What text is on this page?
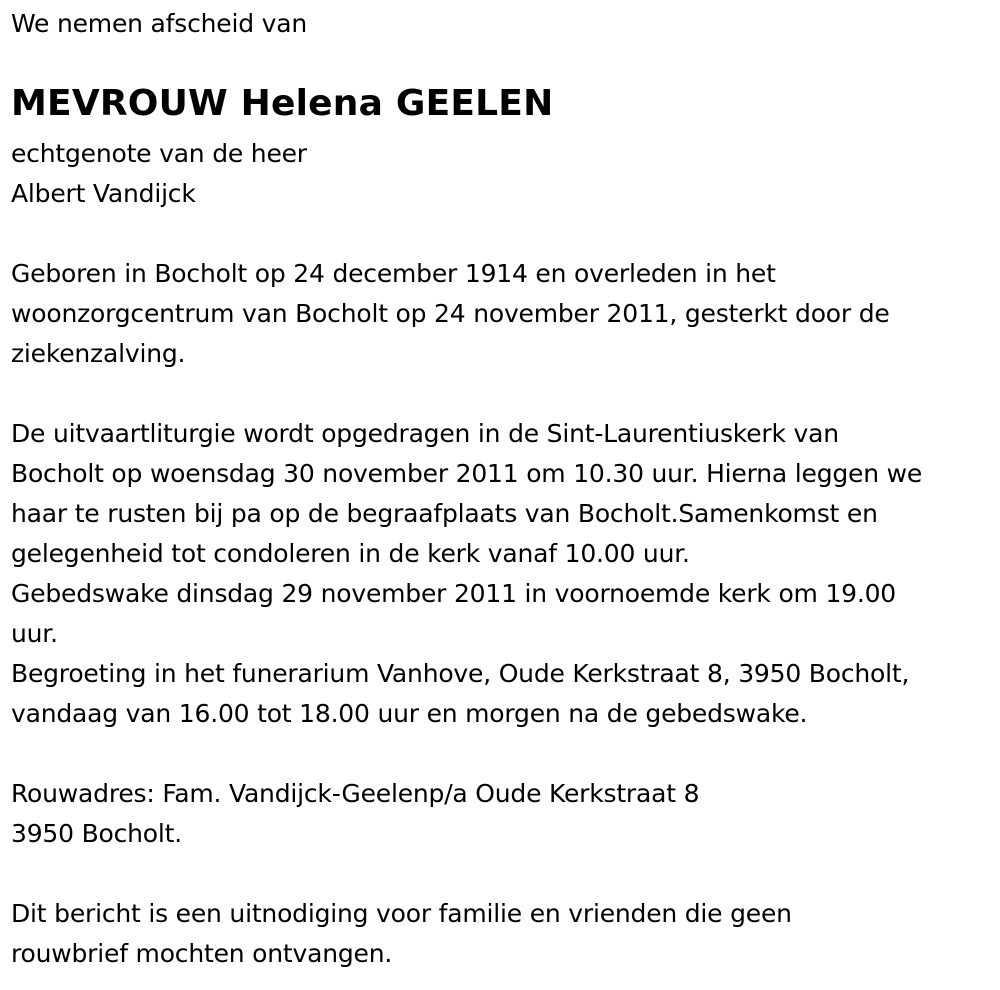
We nemen afscheid van
MEVROUW Helena GEELEN
echtgenote van de heer
Albert Vandijck
Geboren in Bocholt op 24 december 1914 en overleden in het
woonzorgcentrum van Bocholt op 24 november 2011, gesterkt door de
ziekenzalving.
De uitvaartliturgie wordt opgedragen in de Sint-Laurentiuskerk van
Bocholt op woensdag 30 november 2011 om 10.30 uur. Hierna leggen we
haar te rusten bij pa op de begraafplaats van Bocholt.Samenkomst en
gelegenheid tot condoleren in de kerk vanaf 10.00 uur.
Gebedswake dinsdag 29 november 2011 in voornoemde kerk om 19.00
uur.
Begroeting in het funerarium Vanhove, Oude Kerkstraat 8, 3950 Bocholt,
vandaag van 16.00 tot 18.00 uur en morgen na de gebedswake.
Rouwadres: Fam. Vandijck-Geelenp/a Oude Kerkstraat 8
3950 Bocholt.
Dit bericht is een uitnodiging voor familie en vrienden die geen
rouwbrief mochten ontvangen.
